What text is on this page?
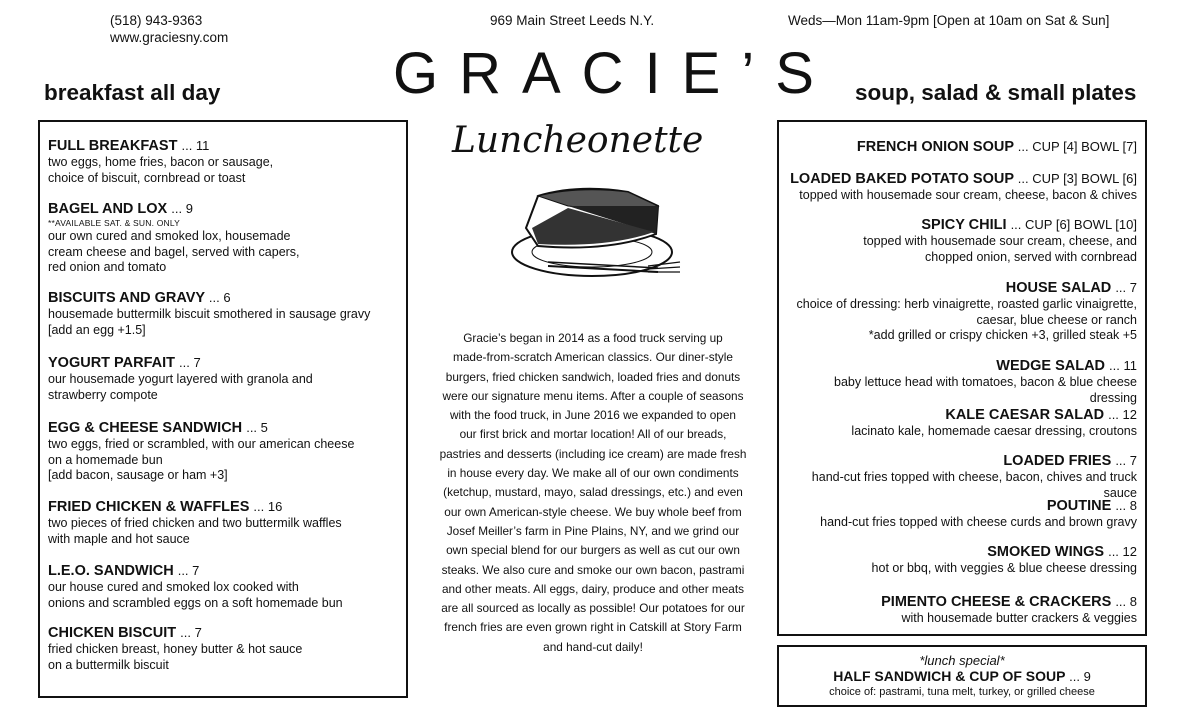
(518) 943-9363
www.graciesny.com
969 Main Street Leeds N.Y.	Weds—Mon 11am-9pm [Open at 10am on Sat & Sun]
GRACIE’S
Luncheonette
Gracie’s began in 2014 as a food truck serving up
made-from-scratch American classics. Our diner-style
burgers, fried chicken sandwich, loaded fries and donuts
were our signature menu items. After a couple of seasons
with the food truck, in June 2016 we expanded to open
our first brick and mortar location! All of our breads,
pastries and desserts (including ice cream) are made fresh
in house every day. We make all of our own condiments
(ketchup, mustard, mayo, salad dressings, etc.) and even
our own American-style cheese. We buy whole beef from
Josef Meiller’s farm in Pine Plains, NY, and we grind our
own special blend for our burgers as well as cut our own
steaks. We also cure and smoke our own bacon, pastrami
and other meats. All eggs, dairy, produce and other meats
are all sourced as locally as possible! Our potatoes for our
french fries are even grown right in Catskill at Story Farm
and hand-cut daily!
breakfast all day	soup, salad & small plates
FULL BREAKFAST ... 11
two eggs, home fries, bacon or sausage,
choice of biscuit, cornbread or toast
BAGEL AND LOX ... 9
**AVAILABLE SAT. & SUN. ONLY
our own cured and smoked lox, housemade
cream cheese and bagel, served with capers,
red onion and tomato
BISCUITS AND GRAVY ... 6
housemade buttermilk biscuit smothered in sausage gravy
[add an egg +1.5]
YOGURT PARFAIT ... 7
our housemade yogurt layered with granola and
strawberry compote
EGG & CHEESE SANDWICH ... 5
two eggs, fried or scrambled, with our american cheese
on a homemade bun
[add bacon, sausage or ham +3]
FRIED CHICKEN & WAFFLES ... 16
two pieces of fried chicken and two buttermilk waffles
with maple and hot sauce
L.E.O. SANDWICH ... 7
our house cured and smoked lox cooked with
onions and scrambled eggs on a soft homemade bun
CHICKEN BISCUIT ... 7
fried chicken breast, honey butter & hot sauce
on a buttermilk biscuit
FRENCH ONION SOUP ... CUP [4] BOWL [7]
LOADED BAKED POTATO SOUP ... CUP [3] BOWL [6]
topped with housemade sour cream, cheese, bacon & chives
SPICY CHILI ... CUP [6] BOWL [10]
topped with housemade sour cream, cheese, and
chopped onion, served with cornbread
HOUSE SALAD ... 7
choice of dressing: herb vinaigrette, roasted garlic vinaigrette,
caesar, blue cheese or ranch
*add grilled or crispy chicken +3, grilled steak +5
WEDGE SALAD ... 11
baby lettuce head with tomatoes, bacon & blue cheese dressing
KALE CAESAR SALAD ... 12
lacinato kale, homemade caesar dressing, croutons
LOADED FRIES ... 7
hand-cut fries topped with cheese, bacon, chives and truck sauce
POUTINE ... 8
hand-cut fries topped with cheese curds and brown gravy
SMOKED WINGS ... 12
hot or bbq, with veggies & blue cheese dressing
PIMENTO CHEESE & CRACKERS ... 8
with housemade butter crackers & veggies
*lunch special*
HALF SANDWICH & CUP OF SOUP ... 9
choice of: pastrami, tuna melt, turkey, or grilled cheese
